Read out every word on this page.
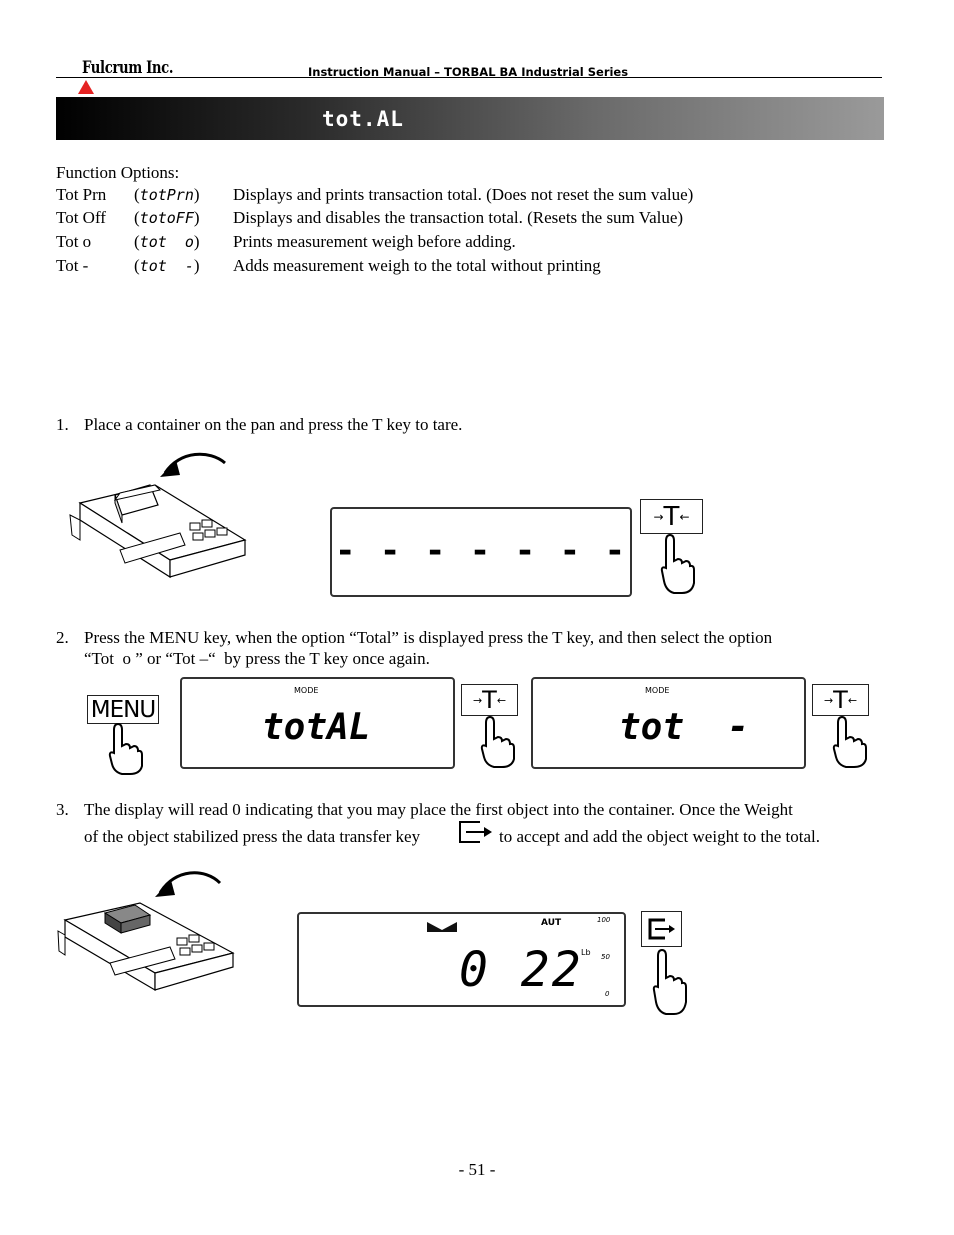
Fulcrum Inc.	Instruction Manual – TORBAL BA Industrial Series
tot.AL
Function Options:
Tot Prn (totPrn) Displays and prints transaction total. (Does not reset the sum value)
Tot Off (totoFF) Displays and disables the transaction total. (Resets the sum Value)
Tot o	(tot  o) Prints measurement weigh before adding.
Tot -	(tot  -) Adds measurement weigh to the total without printing
1. Place a container on the pan and press the T key to tare.
- - - - - - -
→ T ←
2. Press the MENU key, when the option “Total” is displayed press the T key, and then select the option
“Tot  o ” or “Tot –“  by press the T key once again.
MENU
MODE
totAL
→ T ←
MODE
tot  -
→ T ←
3. The display will read 0 indicating that you may place the first object into the container. Once the Weight
of the object stabilized press the data transfer key	to accept and add the object weight to the total.
AUT
0 22
Lb
100
50
0
- 51 -
